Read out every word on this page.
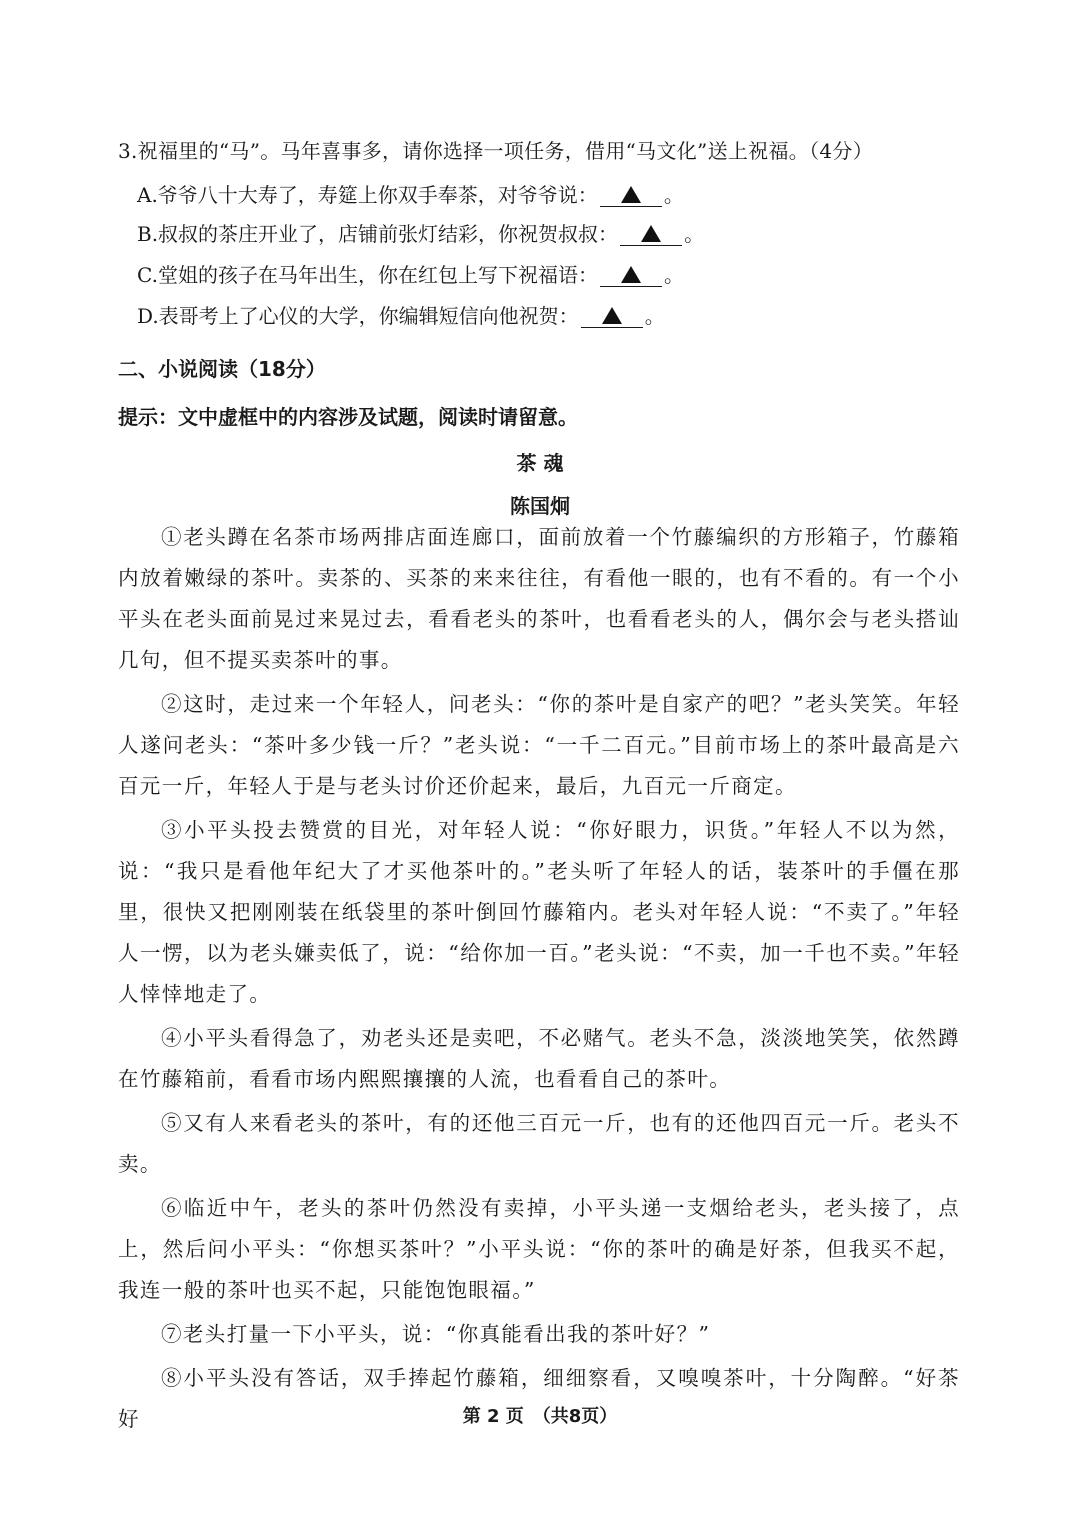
3.祝福里的“马”。马年喜事多，请你选择一项任务，借用“马文化”送上祝福。（4分）
A.爷爷八十大寿了，寿筵上你双手奉茶，对爷爷说：	。
B.叔叔的茶庄开业了，店铺前张灯结彩，你祝贺叔叔：	。
C.堂姐的孩子在马年出生，你在红包上写下祝福语：	。
D.表哥考上了心仪的大学，你编辑短信向他祝贺：	。
二、小说阅读（18分）
提示：文中虚框中的内容涉及试题，阅读时请留意。
茶 魂
陈国炯

①老头蹲在名茶市场两排店面连廊口，面前放着一个竹藤编织的方形箱子，竹藤箱内放着嫩绿的茶叶。卖茶的、买茶的来来往往，有看他一眼的，也有不看的。有一个小平头在老头面前晃过来晃过去，看看老头的茶叶，也看看老头的人，偶尔会与老头搭讪几句，但不提买卖茶叶的事。

②这时，走过来一个年轻人，问老头：“你的茶叶是自家产的吧？”老头笑笑。年轻人遂问老头：“茶叶多少钱一斤？”老头说：“一千二百元。”目前市场上的茶叶最高是六百元一斤，年轻人于是与老头讨价还价起来，最后，九百元一斤商定。

③小平头投去赞赏的目光，对年轻人说：“你好眼力，识货。”年轻人不以为然，说：“我只是看他年纪大了才买他茶叶的。”老头听了年轻人的话，装茶叶的手僵在那里，很快又把刚刚装在纸袋里的茶叶倒回竹藤箱内。老头对年轻人说：“不卖了。”年轻人一愣，以为老头嫌卖低了，说：“给你加一百。”老头说：“不卖，加一千也不卖。”年轻人悻悻地走了。

④小平头看得急了，劝老头还是卖吧，不必赌气。老头不急，淡淡地笑笑，依然蹲在竹藤箱前，看看市场内熙熙攘攘的人流，也看看自己的茶叶。

⑤又有人来看老头的茶叶，有的还他三百元一斤，也有的还他四百元一斤。老头不卖。

⑥临近中午，老头的茶叶仍然没有卖掉，小平头递一支烟给老头，老头接了，点上，然后问小平头：“你想买茶叶？”小平头说：“你的茶叶的确是好茶，但我买不起，我连一般的茶叶也买不起，只能饱饱眼福。”

⑦老头打量一下小平头，说：“你真能看出我的茶叶好？”

⑧小平头没有答话，双手捧起竹藤箱，细细察看，又嗅嗅茶叶，十分陶醉。“好茶好	第 2 页　（共8页）
